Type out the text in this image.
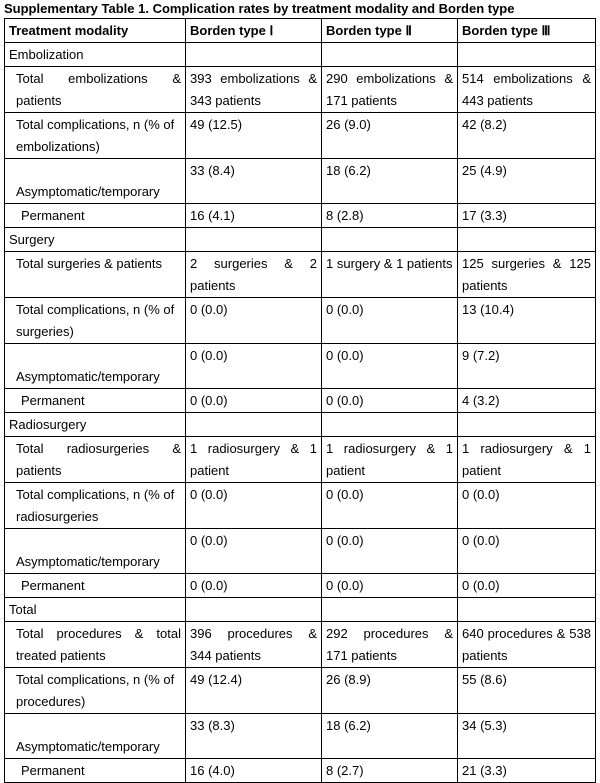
Supplementary Table 1. Complication rates by treatment modality and Borden type
Treatment modality	Borden type Ⅰ	Borden type Ⅱ	Borden type Ⅲ
Embolization			
Total embolizations & patients	393 embolizations & 343 patients	290 embolizations & 171 patients	514 embolizations & 443 patients
Total complications, n (% of embolizations)	49 (12.5)	26 (9.0)	42 (8.2)
Asymptomatic/temporary	33 (8.4)	18 (6.2)	25 (4.9)
Permanent	16 (4.1)	8 (2.8)	17 (3.3)
Surgery			
Total surgeries & patients	2 surgeries & 2 patients	1 surgery & 1 patients	125 surgeries & 125 patients
Total complications, n (% of surgeries)	0 (0.0)	0 (0.0)	13 (10.4)
Asymptomatic/temporary	0 (0.0)	0 (0.0)	9 (7.2)
Permanent	0 (0.0)	0 (0.0)	4 (3.2)
Radiosurgery			
Total radiosurgeries & patients	1 radiosurgery & 1 patient	1 radiosurgery & 1 patient	1 radiosurgery & 1 patient
Total complications, n (% of radiosurgeries	0 (0.0)	0 (0.0)	0 (0.0)
Asymptomatic/temporary	0 (0.0)	0 (0.0)	0 (0.0)
Permanent	0 (0.0)	0 (0.0)	0 (0.0)
Total			
Total procedures & total treated patients	396 procedures & 344 patients	292 procedures & 171 patients	640 procedures & 538 patients
Total complications, n (% of procedures)	49 (12.4)	26 (8.9)	55 (8.6)
Asymptomatic/temporary	33 (8.3)	18 (6.2)	34 (5.3)
Permanent	16 (4.0)	8 (2.7)	21 (3.3)
